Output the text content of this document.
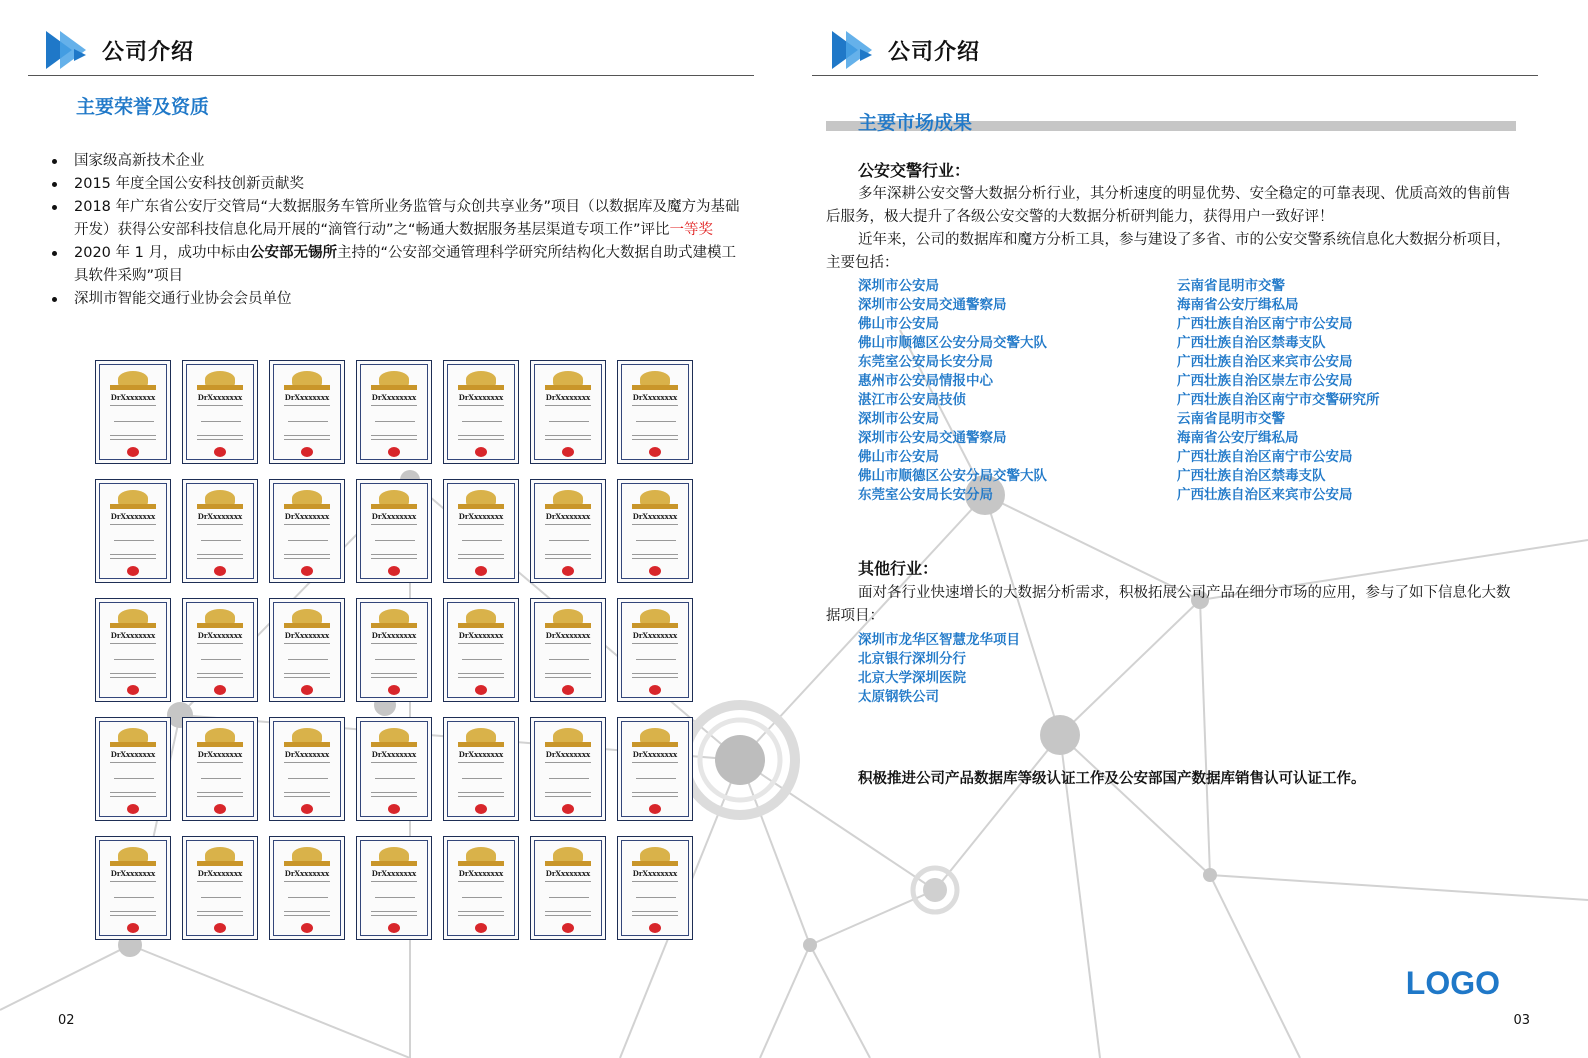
公司介绍
主要荣誉及资质
国家级高新技术企业
2015 年度全国公安科技创新贡献奖
2018 年广东省公安厅交管局“大数据服务车管所业务监管与众创共享业务”项目（以数据库及魔方为基础开发）获得公安部科技信息化局开展的“滴管行动”之“畅通大数据服务基层渠道专项工作”评比一等奖
2020 年 1 月，成功中标由公安部无锡所主持的“公安部交通管理科学研究所结构化大数据自助式建模工具软件采购”项目
深圳市智能交通行业协会会员单位
DrXxxxxxxx	DrXxxxxxxx	DrXxxxxxxx	DrXxxxxxxx	DrXxxxxxxx	DrXxxxxxxx	DrXxxxxxxx
DrXxxxxxxx	DrXxxxxxxx	DrXxxxxxxx	DrXxxxxxxx	DrXxxxxxxx	DrXxxxxxxx	DrXxxxxxxx
DrXxxxxxxx	DrXxxxxxxx	DrXxxxxxxx	DrXxxxxxxx	DrXxxxxxxx	DrXxxxxxxx	DrXxxxxxxx
DrXxxxxxxx	DrXxxxxxxx	DrXxxxxxxx	DrXxxxxxxx	DrXxxxxxxx	DrXxxxxxxx	DrXxxxxxxx
DrXxxxxxxx	DrXxxxxxxx	DrXxxxxxxx	DrXxxxxxxx	DrXxxxxxxx	DrXxxxxxxx	DrXxxxxxxx
02
公司介绍
主要市场成果
公安交警行业：
多年深耕公安交警大数据分析行业，其分析速度的明显优势、安全稳定的可靠表现、优质高效的售前售后服务，极大提升了各级公安交警的大数据分析研判能力，获得用户一致好评！
近年来，公司的数据库和魔方分析工具，参与建设了多省、市的公安交警系统信息化大数据分析项目，主要包括：
深圳市公安局
深圳市公安局交通警察局
佛山市公安局
佛山市顺德区公安分局交警大队
东莞室公安局长安分局
惠州市公安局情报中心
湛江市公安局技侦
深圳市公安局
深圳市公安局交通警察局
佛山市公安局
佛山市顺德区公安分局交警大队
东莞室公安局长安分局
云南省昆明市交警
海南省公安厅缉私局
广西壮族自治区南宁市公安局
广西壮族自治区禁毒支队
广西壮族自治区来宾市公安局
广西壮族自治区崇左市公安局
广西壮族自治区南宁市交警研究所
云南省昆明市交警
海南省公安厅缉私局
广西壮族自治区南宁市公安局
广西壮族自治区禁毒支队
广西壮族自治区来宾市公安局
其他行业：
面对各行业快速增长的大数据分析需求，积极拓展公司产品在细分市场的应用，参与了如下信息化大数据项目：
深圳市龙华区智慧龙华项目
北京银行深圳分行
北京大学深圳医院
太原钢铁公司
积极推进公司产品数据库等级认证工作及公安部国产数据库销售认可认证工作。
LOGO
03
